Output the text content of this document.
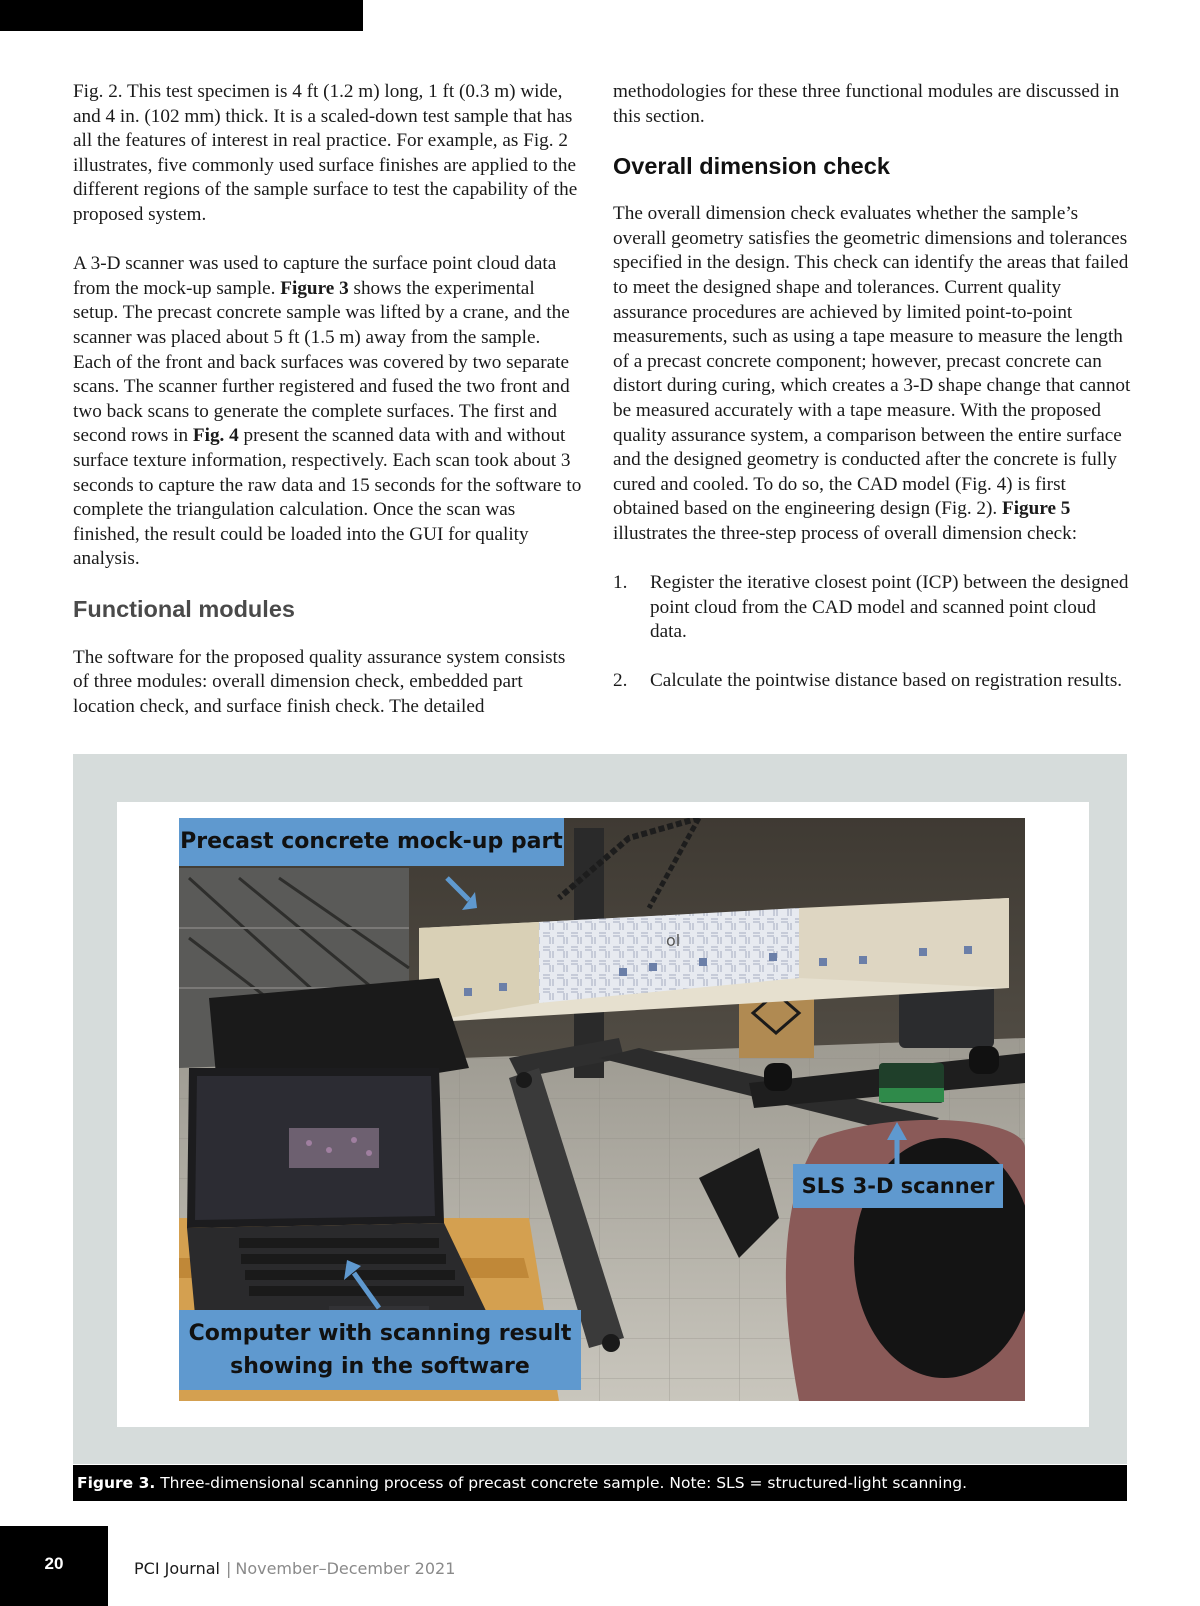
Fig. 2. This test specimen is 4 ft (1.2 m) long, 1 ft (0.3 m) wide, and 4 in. (102 mm) thick. It is a scaled-down test sample that has all the features of interest in real practice. For example, as Fig. 2 illustrates, five commonly used surface finishes are applied to the different regions of the sample surface to test the capability of the proposed system.

A 3-D scanner was used to capture the surface point cloud data from the mock-up sample. Figure 3 shows the experimental setup. The precast concrete sample was lifted by a crane, and the scanner was placed about 5 ft (1.5 m) away from the sample. Each of the front and back surfaces was covered by two separate scans. The scanner further registered and fused the two front and two back scans to generate the complete surfaces. The first and second rows in Fig. 4 present the scanned data with and without surface texture information, respectively. Each scan took about 3 seconds to capture the raw data and 15 seconds for the software to complete the triangulation calculation. Once the scan was finished, the result could be loaded into the GUI for quality analysis.

Functional modules

The software for the proposed quality assurance system consists of three modules: overall dimension check, embedded part location check, and surface finish check. The detailed

methodologies for these three functional modules are discussed in this section.

Overall dimension check

The overall dimension check evaluates whether the sample’s overall geometry satisfies the geometric dimensions and tolerances specified in the design. This check can identify the areas that failed to meet the designed shape and tolerances. Current quality assurance procedures are achieved by limited point-to-point measurements, such as using a tape measure to measure the length of a precast concrete component; however, precast concrete can distort during curing, which creates a 3-D shape change that cannot be measured accurately with a tape measure. With the proposed quality assurance system, a comparison between the entire surface and the designed geometry is conducted after the concrete is fully cured and cooled. To do so, the CAD model (Fig. 4) is first obtained based on the engineering design (Fig. 2). Figure 5 illustrates the three-step process of overall dimension check:

1. Register the iterative closest point (ICP) between the designed point cloud from the CAD model and scanned point cloud data.
2. Calculate the pointwise distance based on registration results.
ol
Precast concrete mock-up part
SLS 3-D scanner
Computer with scanning result
showing in the software
Figure 3. Three-dimensional scanning process of precast concrete sample. Note: SLS = structured-light scanning.
20	PCI Journal | November–December 2021
